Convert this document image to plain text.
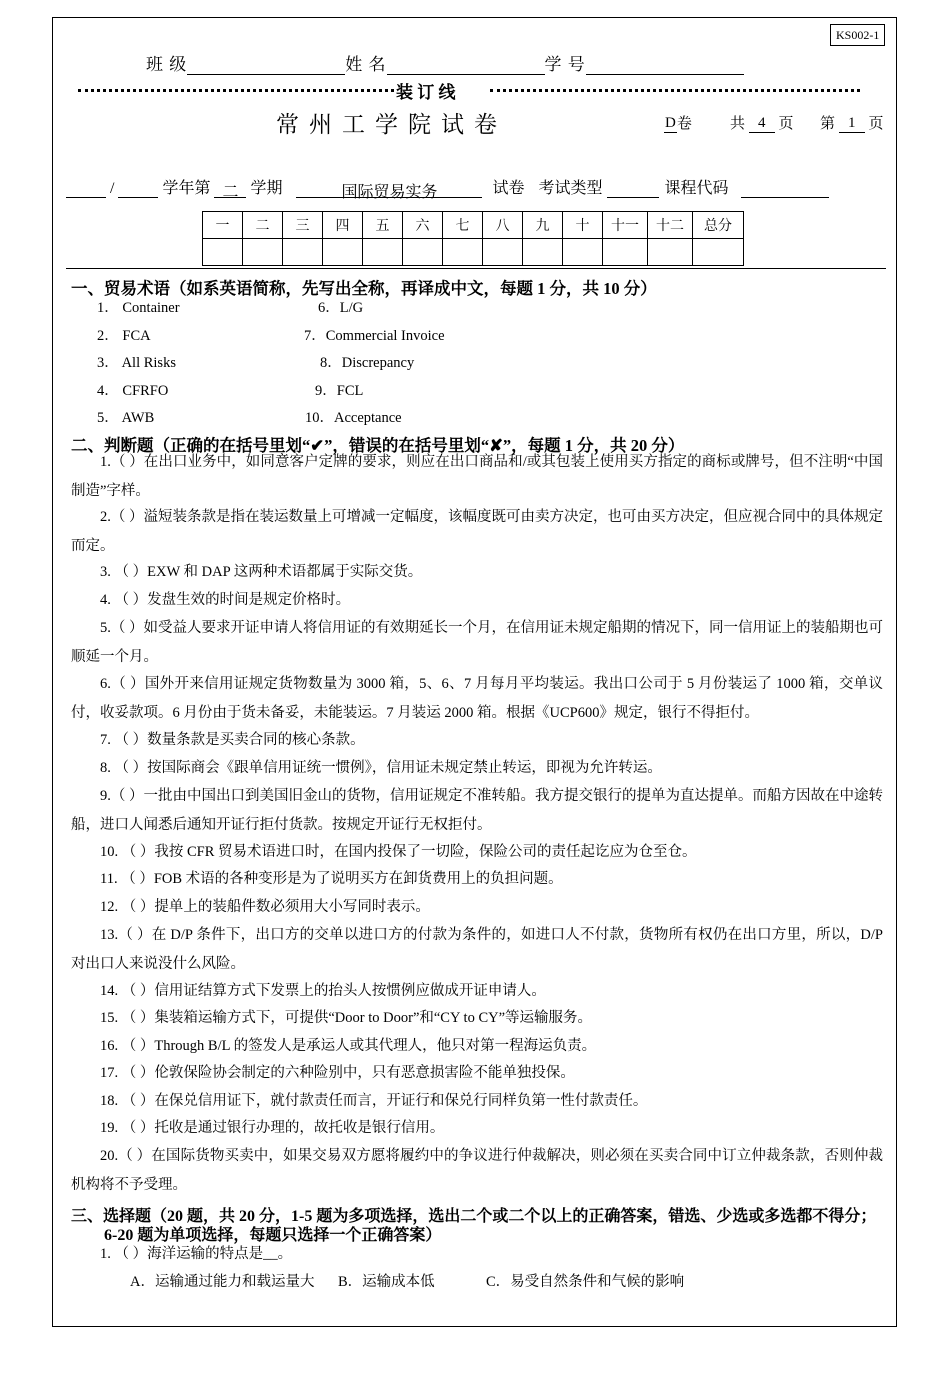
KS002-1
班 级	姓 名	学 号
装 订 线
常州工学院试卷	D卷	共 4 页 第 1 页
/	学年第 二 学期	国际贸易实务	试卷 考试类型	课程代码
一	二	三	四	五	六	七	八	九	十	十一	十二	总分

一、贸易术语（如系英语简称，先写出全称，再译成中文，每题 1 分，共 10 分）
1． Container
2． FCA
3． All Risks
4． CFRFO
5． AWB
6．L/G
7．Commercial Invoice
8．Discrepancy
9．FCL
10．Acceptance
二、判断题（正确的在括号里划“✔”，错误的在括号里划“✘”，每题 1 分，共 20 分）
1.（ ）在出口业务中，如同意客户定牌的要求，则应在出口商品和/或其包装上使用买方指定的商标或牌号，但不注明“中国制造”字样。
2.（ ）溢短装条款是指在装运数量上可增减一定幅度，该幅度既可由卖方决定，也可由买方决定，但应视合同中的具体规定而定。
3. （ ）EXW 和 DAP 这两种术语都属于实际交货。
4. （ ）发盘生效的时间是规定价格时。
5.（ ）如受益人要求开证申请人将信用证的有效期延长一个月，在信用证未规定船期的情况下，同一信用证上的装船期也可顺延一个月。
6.（ ）国外开来信用证规定货物数量为 3000 箱，5、6、7 月每月平均装运。我出口公司于 5 月份装运了 1000 箱，交单议付，收妥款项。6 月份由于货未备妥，未能装运。7 月装运 2000 箱。根据《UCP600》规定，银行不得拒付。
7. （ ）数量条款是买卖合同的核心条款。
8. （ ）按国际商会《跟单信用证统一惯例》，信用证未规定禁止转运，即视为允许转运。
9.（ ）一批由中国出口到美国旧金山的货物，信用证规定不准转船。我方提交银行的提单为直达提单。而船方因故在中途转船，进口人闻悉后通知开证行拒付货款。按规定开证行无权拒付。
10. （ ）我按 CFR 贸易术语进口时，在国内投保了一切险，保险公司的责任起讫应为仓至仓。
11. （ ）FOB 术语的各种变形是为了说明买方在卸货费用上的负担问题。
12. （ ）提单上的装船件数必须用大小写同时表示。
13.（ ）在 D/P 条件下，出口方的交单以进口方的付款为条件的，如进口人不付款，货物所有权仍在出口方里，所以，D/P 对出口人来说没什么风险。
14. （ ）信用证结算方式下发票上的抬头人按惯例应做成开证申请人。
15. （ ）集装箱运输方式下，可提供“Door to Door”和“CY to CY”等运输服务。
16. （ ）Through B/L 的签发人是承运人或其代理人，他只对第一程海运负责。
17. （ ）伦敦保险协会制定的六种险别中，只有恶意损害险不能单独投保。
18. （ ）在保兑信用证下，就付款责任而言，开证行和保兑行同样负第一性付款责任。
19. （ ）托收是通过银行办理的，故托收是银行信用。
20.（ ）在国际货物买卖中，如果交易双方愿将履约中的争议进行仲裁解决，则必须在买卖合同中订立仲裁条款，否则仲裁机构将不予受理。
三、选择题（20 题，共 20 分，1-5 题为多项选择，选出二个或二个以上的正确答案，错选、少选或多选都不得分；
6-20 题为单项选择，每题只选择一个正确答案）
1. （ ）海洋运输的特点是__。
A．运输通过能力和载运量大 B．运输成本低	C．易受自然条件和气候的影响
